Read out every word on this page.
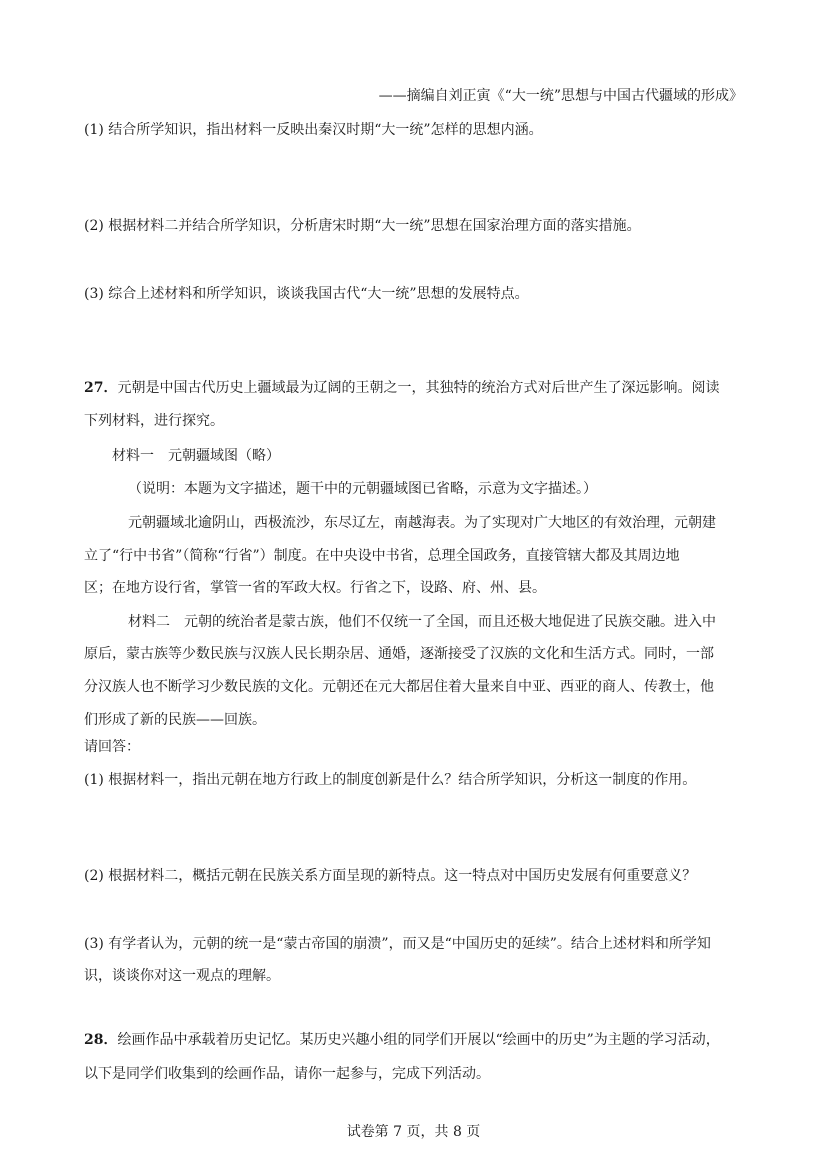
——摘编自刘正寅《“大一统”思想与中国古代疆域的形成》
(1) 结合所学知识，指出材料一反映出秦汉时期“大一统”怎样的思想内涵。
(2) 根据材料二并结合所学知识，分析唐宋时期“大一统”思想在国家治理方面的落实措施。
(3) 综合上述材料和所学知识，谈谈我国古代“大一统”思想的发展特点。
27．元朝是中国古代历史上疆域最为辽阔的王朝之一，其独特的统治方式对后世产生了深远影响。阅读
下列材料，进行探究。
材料一　元朝疆域图（略）
（说明：本题为文字描述，题干中的元朝疆域图已省略，示意为文字描述。）
元朝疆域北逾阴山，西极流沙，东尽辽左，南越海表。为了实现对广大地区的有效治理，元朝建
立了“行中书省”（简称“行省”）制度。在中央设中书省，总理全国政务，直接管辖大都及其周边地
区；在地方设行省，掌管一省的军政大权。行省之下，设路、府、州、县。
材料二　元朝的统治者是蒙古族，他们不仅统一了全国，而且还极大地促进了民族交融。进入中
原后，蒙古族等少数民族与汉族人民长期杂居、通婚，逐渐接受了汉族的文化和生活方式。同时，一部
分汉族人也不断学习少数民族的文化。元朝还在元大都居住着大量来自中亚、西亚的商人、传教士，他
们形成了新的民族——回族。
请回答：
(1) 根据材料一，指出元朝在地方行政上的制度创新是什么？结合所学知识，分析这一制度的作用。
(2) 根据材料二，概括元朝在民族关系方面呈现的新特点。这一特点对中国历史发展有何重要意义？
(3) 有学者认为，元朝的统一是“蒙古帝国的崩溃”，而又是“中国历史的延续”。结合上述材料和所学知
识，谈谈你对这一观点的理解。
28．绘画作品中承载着历史记忆。某历史兴趣小组的同学们开展以“绘画中的历史”为主题的学习活动，
以下是同学们收集到的绘画作品，请你一起参与，完成下列活动。
试卷第 7 页，共 8 页
